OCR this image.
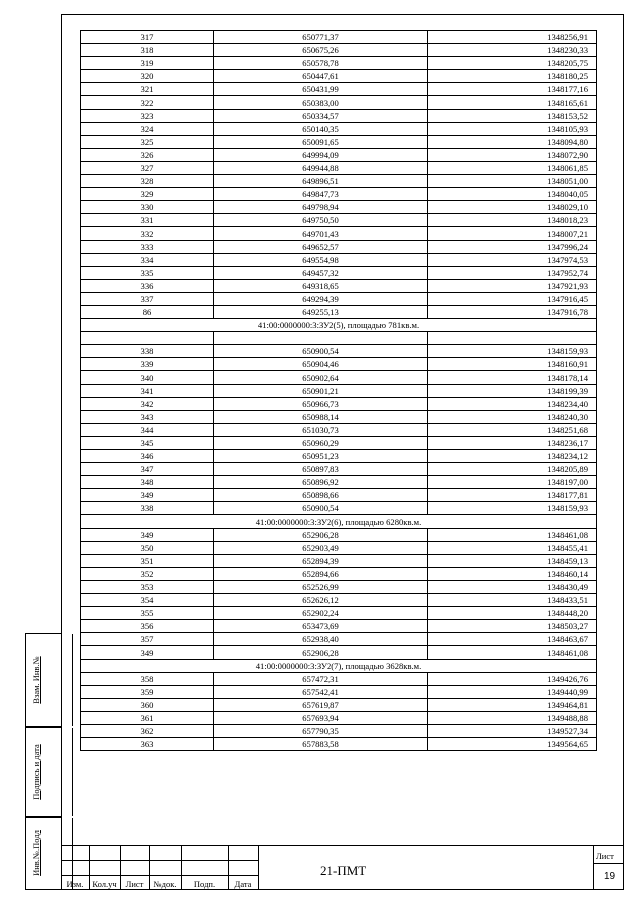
317	650771,37	1348256,91
318	650675,26	1348230,33
319	650578,78	1348205,75
320	650447,61	1348180,25
321	650431,99	1348177,16
322	650383,00	1348165,61
323	650334,57	1348153,52
324	650140,35	1348105,93
325	650091,65	1348094,80
326	649994,09	1348072,90
327	649944,88	1348061,85
328	649896,51	1348051,00
329	649847,73	1348040,05
330	649798,94	1348029,10
331	649750,50	1348018,23
332	649701,43	1348007,21
333	649652,57	1347996,24
334	649554,98	1347974,53
335	649457,32	1347952,74
336	649318,65	1347921,93
337	649294,39	1347916,45
86	649255,13	1347916,78
41:00:0000000:3:ЗУ2(5), площадью 781кв.м.		

338	650900,54	1348159,93
339	650904,46	1348160,91
340	650902,64	1348178,14
341	650901,21	1348199,39
342	650966,73	1348234,40
343	650988,14	1348240,30
344	651030,73	1348251,68
345	650960,29	1348236,17
346	650951,23	1348234,12
347	650897,83	1348205,89
348	650896,92	1348197,00
349	650898,66	1348177,81
338	650900,54	1348159,93
41:00:0000000:3:ЗУ2(6), площадью 6280кв.м.		
349	652906,28	1348461,08
350	652903,49	1348455,41
351	652894,39	1348459,13
352	652894,66	1348460,14
353	652526,99	1348430,49
354	652626,12	1348433,51
355	652902,24	1348448,20
356	653473,69	1348503,27
357	652938,40	1348463,67
349	652906,28	1348461,08
41:00:0000000:3:ЗУ2(7), площадью 3628кв.м.		
358	657472,31	1349426,76
359	657542,41	1349440,99
360	657619,87	1349464,81
361	657693,94	1349488,88
362	657790,35	1349527,34
363	657883,58	1349564,65
Взам. Инв.№
Подпись и дата
Инв.№.Подл
Изм.	Кол.уч	Лист	№док.	Подп.	Дата
21-ПМТ
Лист
19
